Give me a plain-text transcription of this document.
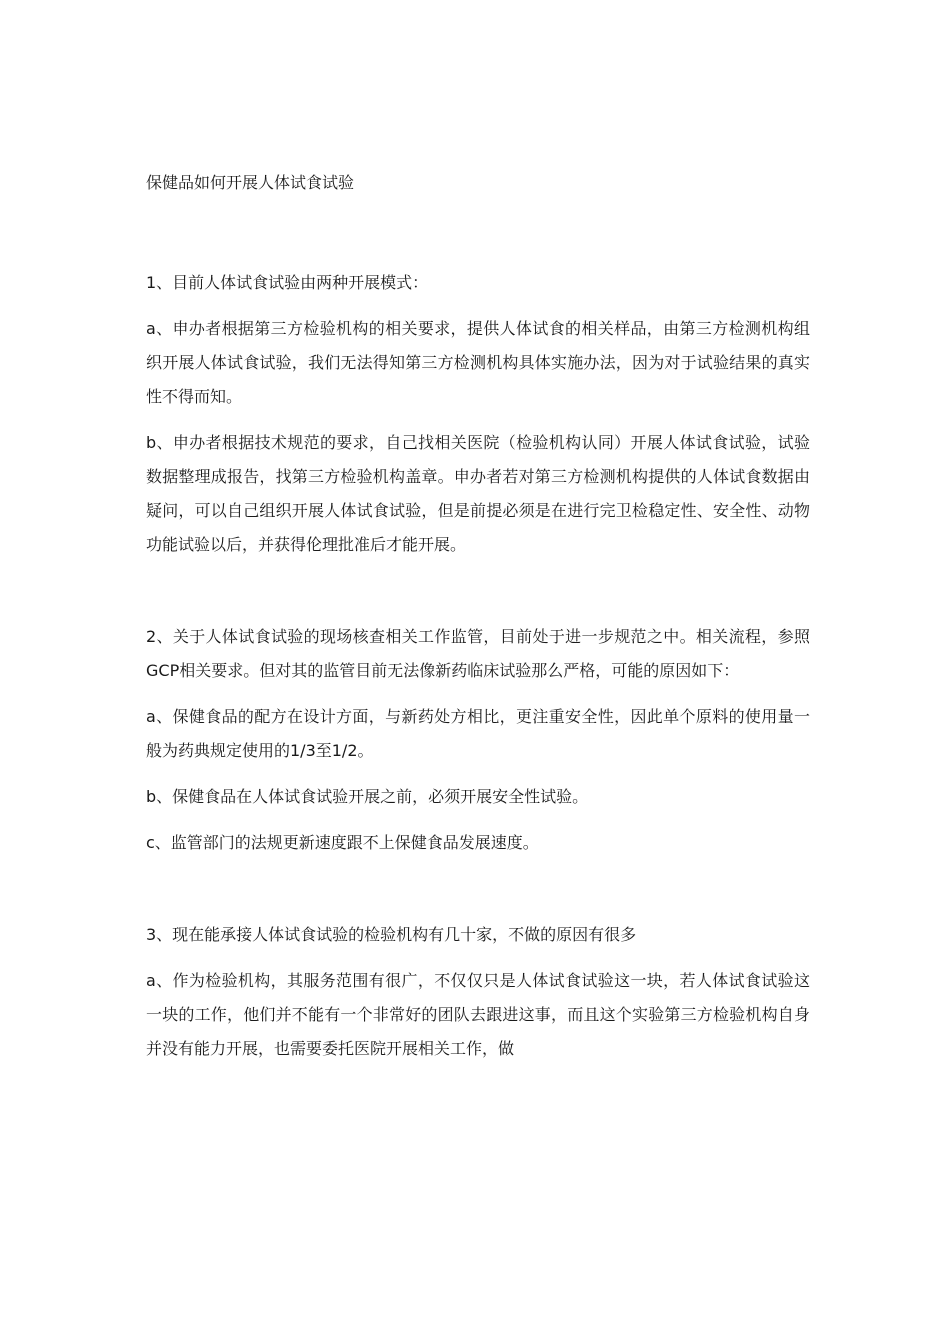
保健品如何开展人体试食试验

1、目前人体试食试验由两种开展模式：

a、申办者根据第三方检验机构的相关要求，提供人体试食的相关样品，由第三方检测机构组织开展人体试食试验，我们无法得知第三方检测机构具体实施办法，因为对于试验结果的真实性不得而知。

b、申办者根据技术规范的要求，自己找相关医院（检验机构认同）开展人体试食试验，试验数据整理成报告，找第三方检验机构盖章。申办者若对第三方检测机构提供的人体试食数据由疑问，可以自己组织开展人体试食试验，但是前提必须是在进行完卫检稳定性、安全性、动物功能试验以后，并获得伦理批准后才能开展。

2、关于人体试食试验的现场核查相关工作监管，目前处于进一步规范之中。相关流程，参照GCP相关要求。但对其的监管目前无法像新药临床试验那么严格，可能的原因如下：

a、保健食品的配方在设计方面，与新药处方相比，更注重安全性，因此单个原料的使用量一般为药典规定使用的1/3至1/2。

b、保健食品在人体试食试验开展之前，必须开展安全性试验。

c、监管部门的法规更新速度跟不上保健食品发展速度。

3、现在能承接人体试食试验的检验机构有几十家，不做的原因有很多

a、作为检验机构，其服务范围有很广，不仅仅只是人体试食试验这一块，若人体试食试验这一块的工作，他们并不能有一个非常好的团队去跟进这事，而且这个实验第三方检验机构自身并没有能力开展，也需要委托医院开展相关工作，做
